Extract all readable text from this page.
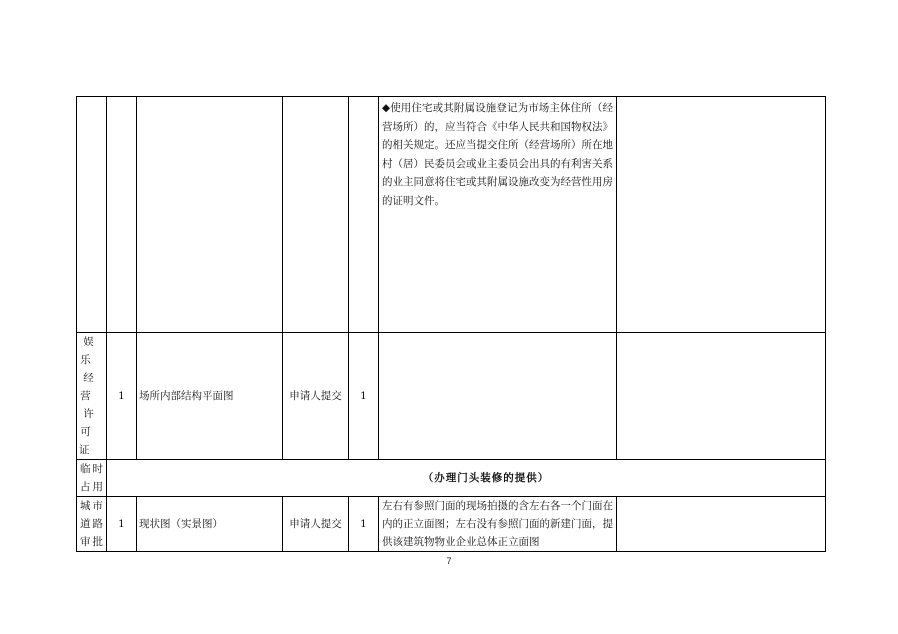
					◆使用住宅或其附属设施登记为市场主体住所（经营场所）的，应当符合《中华人民共和国物权法》的相关规定。还应当提交住所（经营场所）所在地村（居）民委员会或业主委员会出具的有利害关系的业主同意将住宅或其附属设施改变为经营性用房的证明文件。	

娱乐
经营
许可
证	1	场所内部结构平面图	申请人提交	1		

临时
占用	（办理门头装修的提供）					

城市
道路
审批	1	现状图（实景图）	申请人提交	1	左右有参照门面的现场拍摄的含左右各一个门面在内的正立面图；左右没有参照门面的新建门面，提供该建筑物物业企业总体正立面图	
7
